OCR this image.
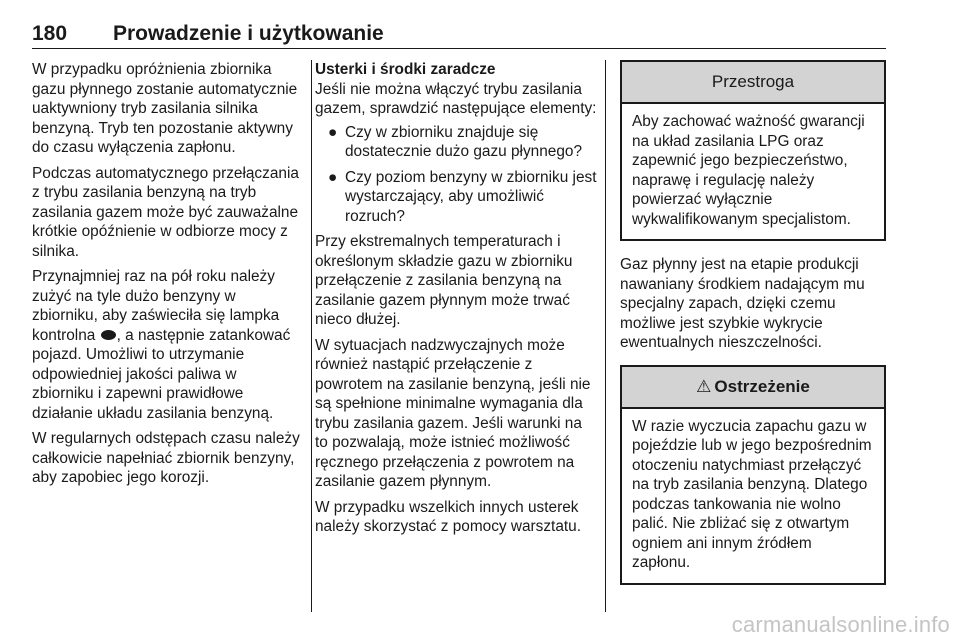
180 Prowadzenie i użytkowanie

W przypadku opróżnienia zbiornika gazu płynnego zostanie automatycznie uaktywniony tryb zasilania silnika benzyną. Tryb ten pozostanie aktywny do czasu wyłączenia zapłonu.

Podczas automatycznego przełączania z trybu zasilania benzyną na tryb zasilania gazem może być zauważalne krótkie opóźnienie w odbiorze mocy z silnika.

Przynajmniej raz na pół roku należy zużyć na tyle dużo benzyny w zbiorniku, aby zaświeciła się lampka kontrolna , a następnie zatankować pojazd. Umożliwi to utrzymanie odpowiedniej jakości paliwa w zbiorniku i zapewni prawidłowe działanie układu zasilania benzyną.

W regularnych odstępach czasu należy całkowicie napełniać zbiornik benzyny, aby zapobiec jego korozji.

Usterki i środki zaradcze

Jeśli nie można włączyć trybu zasilania gazem, sprawdzić następujące elementy:

● Czy w zbiorniku znajduje się dostatecznie dużo gazu płynnego?
● Czy poziom benzyny w zbiorniku jest wystarczający, aby umożliwić rozruch?

Przy ekstremalnych temperaturach i określonym składzie gazu w zbiorniku przełączenie z zasilania benzyną na zasilanie gazem płynnym może trwać nieco dłużej.

W sytuacjach nadzwyczajnych może również nastąpić przełączenie z powrotem na zasilanie benzyną, jeśli nie są spełnione minimalne wymagania dla trybu zasilania gazem. Jeśli warunki na to pozwalają, może istnieć możliwość ręcznego przełączenia z powrotem na zasilanie gazem płynnym.

W przypadku wszelkich innych usterek należy skorzystać z pomocy warsztatu.

Przestroga
Aby zachować ważność gwarancji na układ zasilania LPG oraz zapewnić jego bezpieczeństwo, naprawę i regulację należy powierzać wyłącznie wykwalifikowanym specjalistom.

Gaz płynny jest na etapie produkcji nawaniany środkiem nadającym mu specjalny zapach, dzięki czemu możliwe jest szybkie wykrycie ewentualnych nieszczelności.

⚠ Ostrzeżenie
W razie wyczucia zapachu gazu w pojeździe lub w jego bezpośrednim otoczeniu natychmiast przełączyć na tryb zasilania benzyną. Dlatego podczas tankowania nie wolno palić. Nie zbliżać się z otwartym ogniem ani innym źródłem zapłonu.
carmanualsonline.info
